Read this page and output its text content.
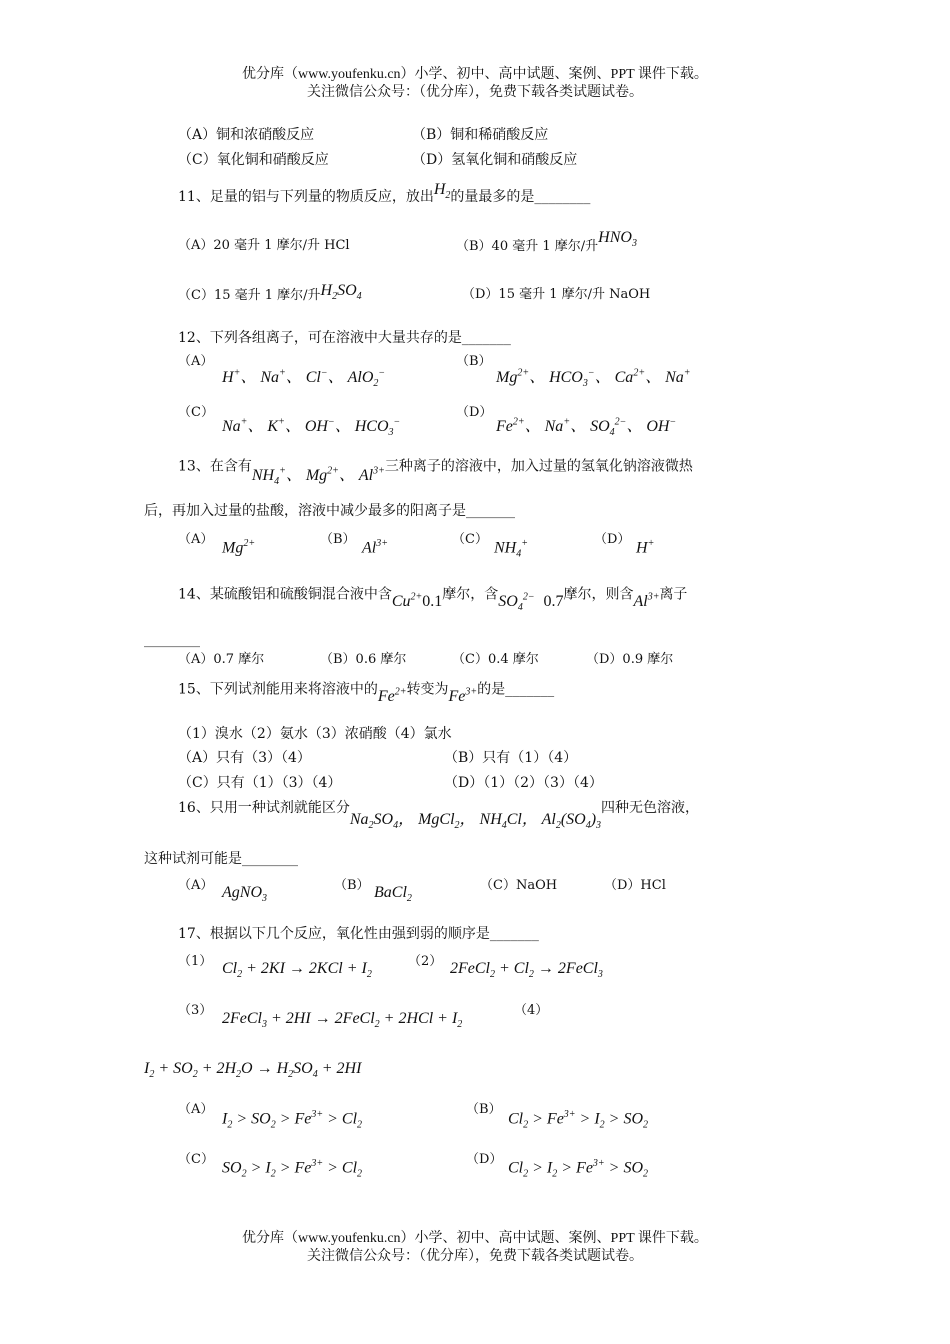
优分库（www.youfenku.cn）小学、初中、高中试题、案例、PPT 课件下载。
关注微信公众号：（优分库），免费下载各类试题试卷。
（A）铜和浓硝酸反应	（B）铜和稀硝酸反应
（C）氧化铜和硝酸反应	（D）氢氧化铜和硝酸反应
11、足量的铝与下列量的物质反应，放出$H_2$的量最多的是________
（A）20 毫升 1 摩尔/升 HCl	（B）40 毫升 1 摩尔/升$HNO_3$
（C）15 毫升 1 摩尔/升$H_2SO_4$	（D）15 毫升 1 摩尔/升 NaOH
12、下列各组离子，可在溶液中大量共存的是_______
（A）
H+、 Na+、 Cl−、 AlO$_2$−
（B）
$Mg^{2+}$、 $HCO_3^-$、 $Ca^{2+}$、 Na+
（C）
Na+、 K+、 OH−、 $HCO_3^-$
（D）
$Fe^{2+}$、 Na+、 $SO_4^{2-}$、 OH−
13、在含有$NH_4^+$、 $Mg^{2+}$、 $Al^{3+}$三种离子的溶液中，加入过量的氢氧化钠溶液微热
后，再加入过量的盐酸，溶液中减少最多的阳离子是_______
（A） $Mg^{2+}$	（B） $Al^{3+}$	（C） $NH_4^+$	（D） H+
14、某硫酸铝和硫酸铜混合液中含$Cu^{2+}0.1$摩尔，含$SO_4^{2-}$ 0.7摩尔，则含$Al^{3+}$离子
________
（A）0.7 摩尔	（B）0.6 摩尔	（C）0.4 摩尔	（D）0.9 摩尔
15、下列试剂能用来将溶液中的$Fe^{2+}$转变为$Fe^{3+}$的是_______
（1）溴水（2）氨水（3）浓硝酸（4）氯水
（A）只有（3）（4）	（B）只有（1）（4）
（C）只有（1）（3）（4）	（D）（1）（2）（3）（4）
16、只用一种试剂就能区分$Na_2SO_4$， MgCl$_2$， $NH_4Cl$， $Al_2(SO_4)_3$四种无色溶液，
这种试剂可能是________
（A） AgNO$_3$
（B） BaCl$_2$
（C）NaOH	（D）HCl
17、根据以下几个反应，氧化性由强到弱的顺序是_______
（1） $Cl_2 + 2KI \to 2KCl + I_2$
（2） 2FeCl$_2$ + $Cl_2$ → 2FeCl$_3$
（3） 2FeCl$_3$ + 2HI → 2FeCl$_2$ + $2HCl + I_2$
（4）
$I_2 + SO_2 + 2H_2O \to H_2SO_4 + 2HI$
（A）
$I_2 > SO_2 > Fe^{3+} > Cl_2$
（B）
$Cl_2 > Fe^{3+} > I_2 > SO_2$
（C） $SO_2 > I_2 > Fe^{3+} > Cl_2$
（D） $Cl_2 > I_2 > Fe^{3+} > SO_2$
优分库（www.youfenku.cn）小学、初中、高中试题、案例、PPT 课件下载。
关注微信公众号：（优分库），免费下载各类试题试卷。
